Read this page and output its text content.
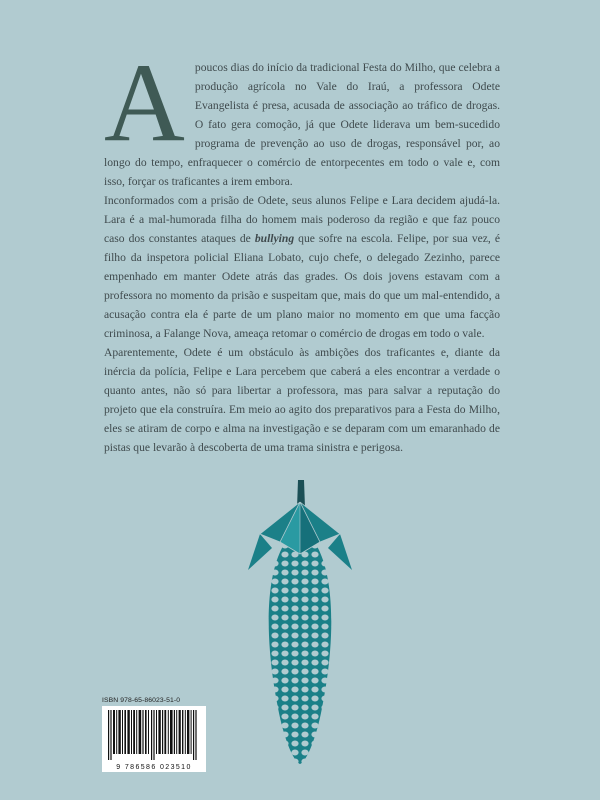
A poucos dias do início da tradicional Festa do Milho, que celebra a produção agrícola no Vale do Iraú, a professora Odete Evangelista é presa, acusada de associação ao tráfico de drogas. O fato gera comoção, já que Odete liderava um bem-sucedido programa de prevenção ao uso de drogas, responsável por, ao longo do tempo, enfraquecer o comércio de entorpecentes em todo o vale e, com isso, forçar os traficantes a irem embora.

Inconformados com a prisão de Odete, seus alunos Felipe e Lara decidem ajudá-la. Lara é a mal-humorada filha do homem mais poderoso da região e que faz pouco caso dos constantes ataques de bullying que sofre na escola. Felipe, por sua vez, é filho da inspetora policial Eliana Lobato, cujo chefe, o delegado Zezinho, parece empenhado em manter Odete atrás das grades. Os dois jovens estavam com a professora no momento da prisão e suspeitam que, mais do que um mal-entendido, a acusação contra ela é parte de um plano maior no momento em que uma facção criminosa, a Falange Nova, ameaça retomar o comércio de drogas em todo o vale.

Aparentemente, Odete é um obstáculo às ambições dos traficantes e, diante da inércia da polícia, Felipe e Lara percebem que caberá a eles encontrar a verdade o quanto antes, não só para libertar a professora, mas para salvar a reputação do projeto que ela construíra. Em meio ao agito dos preparativos para a Festa do Milho, eles se atiram de corpo e alma na investigação e se deparam com um emaranhado de pistas que levarão à descoberta de uma trama sinistra e perigosa.

ISBN 978-65-86023-51-0
9 786586 023510
